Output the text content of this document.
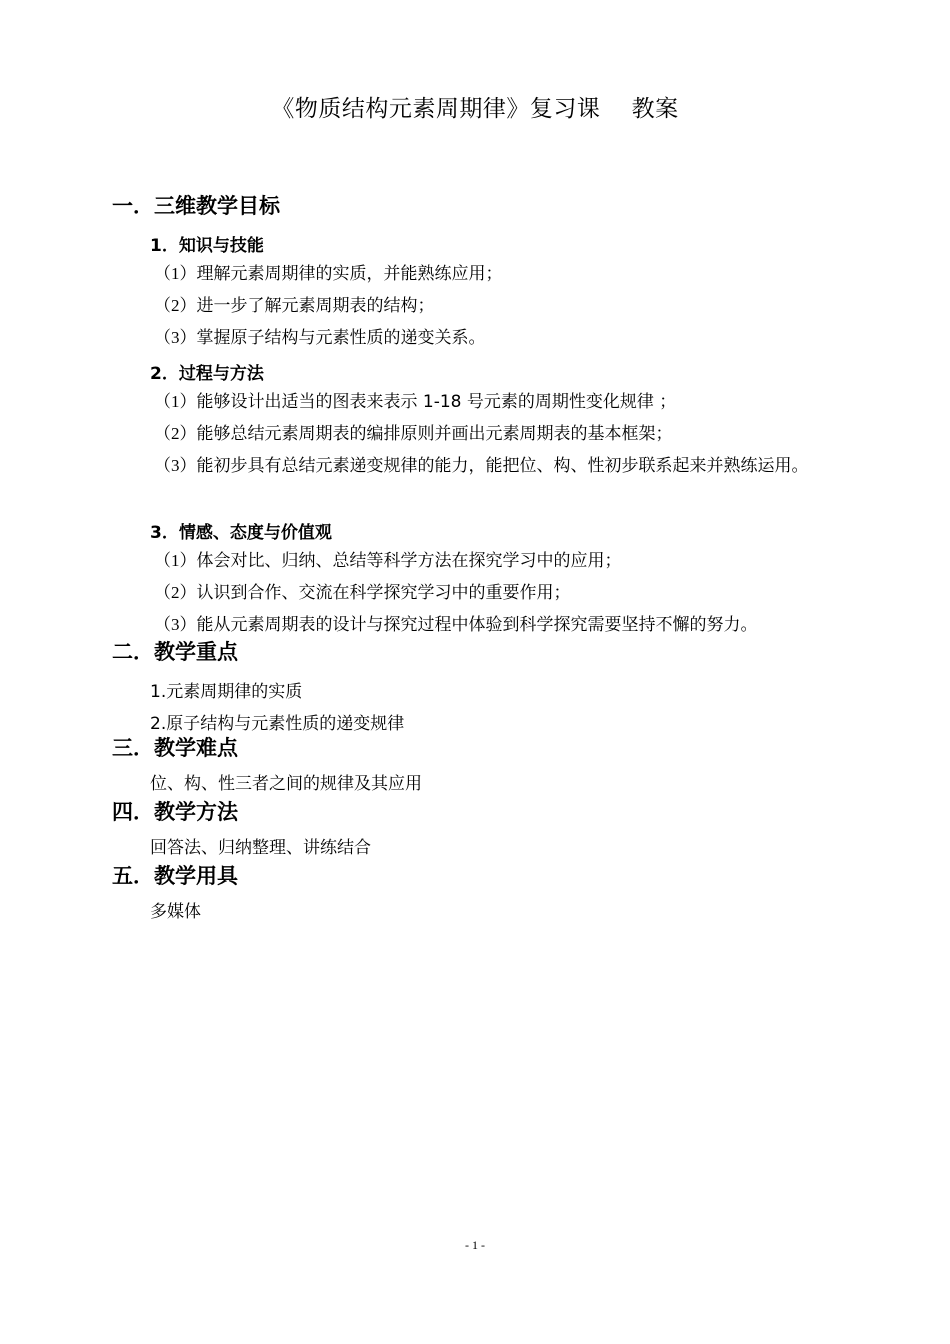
《物质结构元素周期律》复习课    教案
一．三维教学目标
1．知识与技能
（1）理解元素周期律的实质，并能熟练应用；
（2）进一步了解元素周期表的结构；
（3）掌握原子结构与元素性质的递变关系。
2．过程与方法
（1）能够设计出适当的图表来表示 1-18 号元素的周期性变化规律 ；
（2）能够总结元素周期表的编排原则并画出元素周期表的基本框架；
（3）能初步具有总结元素递变规律的能力，能把位、构、性初步联系起来并熟练运用。
3．情感、态度与价值观
（1）体会对比、归纳、总结等科学方法在探究学习中的应用；
（2）认识到合作、交流在科学探究学习中的重要作用；
（3）能从元素周期表的设计与探究过程中体验到科学探究需要坚持不懈的努力。
二．教学重点
1.元素周期律的实质
2.原子结构与元素性质的递变规律
三．教学难点
位、构、性三者之间的规律及其应用
四．教学方法
回答法、归纳整理、讲练结合
五．教学用具
多媒体
- 1 -
